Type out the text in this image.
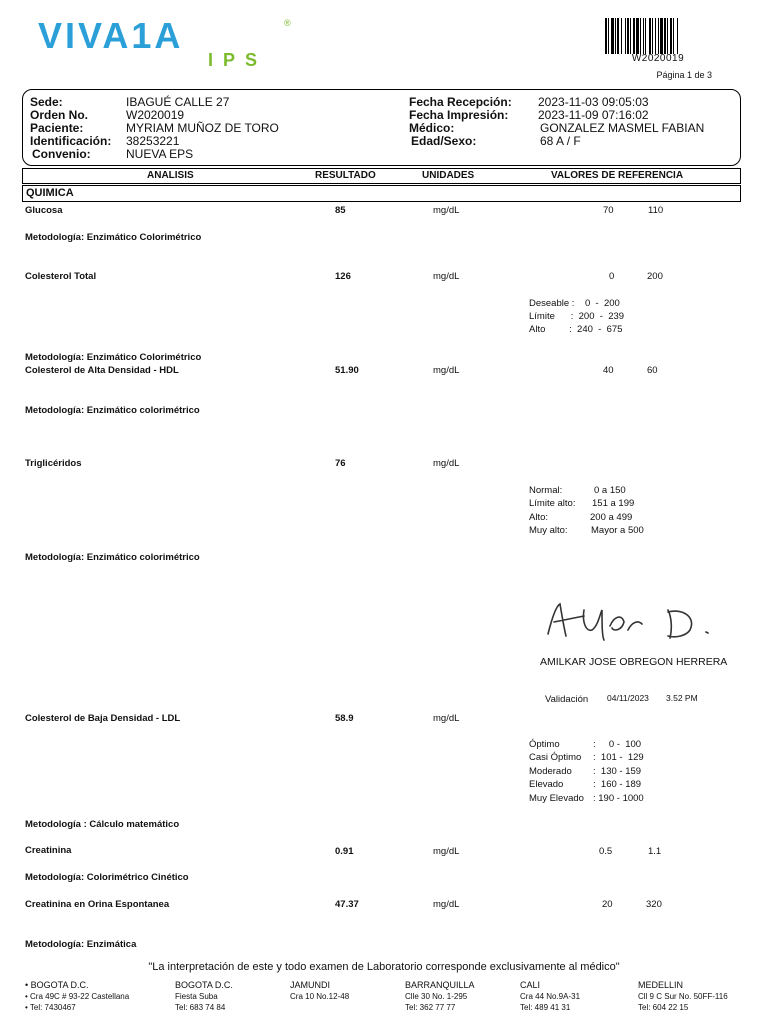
VIVA1A
IPS
®
W2020019
Página 1 de 3
Sede:	IBAGUÉ CALLE 27
Orden No.	W2020019
Paciente:	MYRIAM MUÑOZ DE TORO
Identificación: 38253221
Convenio:	NUEVA EPS
Fecha Recepción: 2023-11-03 09:05:03
Fecha Impresión: 2023-11-09 07:16:02
Médico:	GONZALEZ MASMEL FABIAN
Edad/Sexo:	68 A / F
ANALISIS	RESULTADO	UNIDADES	VALORES DE REFERENCIA
QUIMICA
Glucosa	85	mg/dL	70	110
Metodología: Enzimático Colorimétrico
Colesterol Total	126	mg/dL	0	200
Deseable :    0  -  200
Límite      :  200  -  239
Alto         :  240  -  675
Metodología: Enzimático Colorimétrico
Colesterol de Alta Densidad - HDL	51.90	mg/dL	40	60
Metodología: Enzimático colorimétrico
Triglicéridos	76	mg/dL
Normal:	0 a 150
Límite alto: 151 a 199
Alto:	200 a 499
Muy alto: Mayor a 500
Metodología: Enzimático colorimétrico
AMILKAR JOSE OBREGON HERRERA
Validación 04/11/2023 3.52 PM
Colesterol de Baja Densidad - LDL	58.9	mg/dL
Óptimo	:     0 -  100
Casi Óptimo :  101 -  129
Moderado :  130 - 159
Elevado	:  160 - 189
Muy Elevado : 190 - 1000
Metodología : Cálculo matemático
Creatinina	0.91	mg/dL	0.5	1.1
Metodología: Colorimétrico Cinético
Creatinina en Orina Espontanea	47.37	mg/dL	20	320
Metodología: Enzimática
"La interpretación de este y todo examen de Laboratorio corresponde exclusivamente al médico"
• BOGOTA D.C.
• Cra 49C # 93-22 Castellana
• Tel: 7430467
BOGOTA D.C.
Fiesta Suba
Tel: 683 74 84
JAMUNDI
Cra 10 No.12-48
BARRANQUILLA
Clle 30 No. 1-295
Tel: 362 77 77
CALI
Cra 44 No.9A-31
Tel: 489 41 31
MEDELLIN
Cll 9 C Sur No. 50FF-116
Tel: 604 22 15
